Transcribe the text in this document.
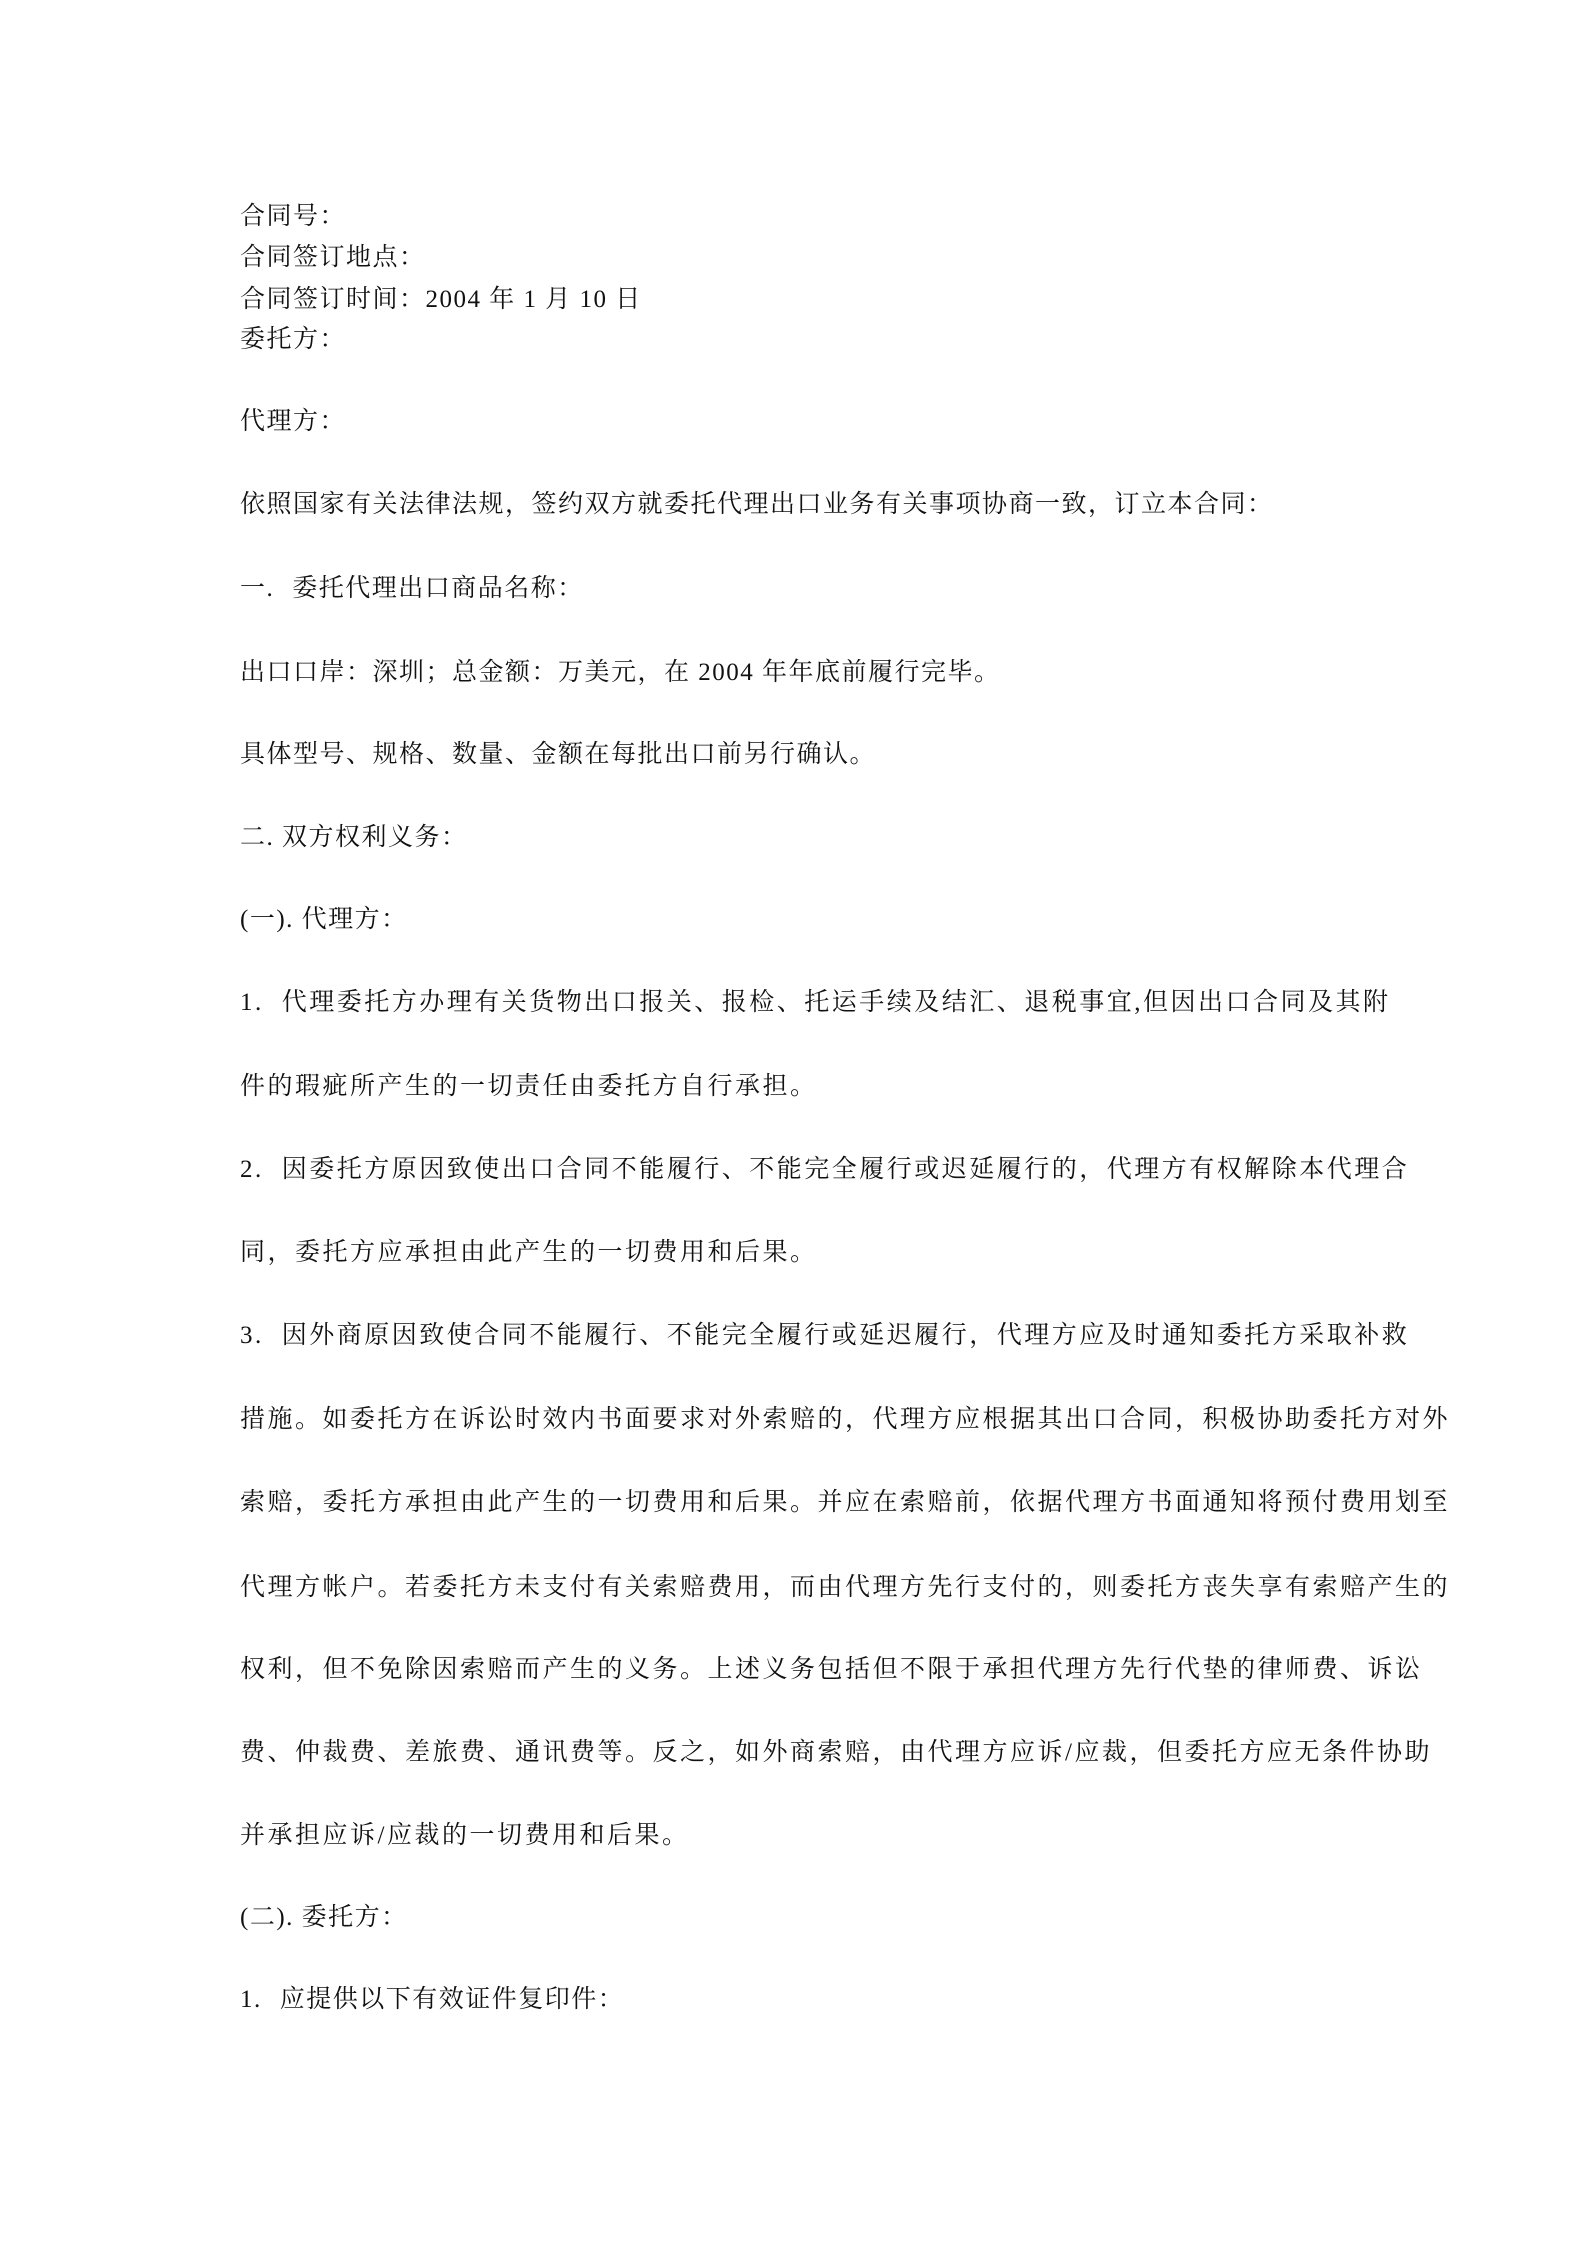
合同号：
合同签订地点：
合同签订时间：2004 年 1 月 10 日
委托方：
代理方：
依照国家有关法律法规，签约双方就委托代理出口业务有关事项协商一致，订立本合同：
一. 委托代理出口商品名称：
出口口岸：深圳；总金额：万美元，在 2004 年年底前履行完毕。
具体型号、规格、数量、金额在每批出口前另行确认。
二. 双方权利义务：
(一). 代理方：
1. 代理委托方办理有关货物出口报关、报检、托运手续及结汇、退税事宜,但因出口合同及其附
件的瑕疵所产生的一切责任由委托方自行承担。
2. 因委托方原因致使出口合同不能履行、不能完全履行或迟延履行的，代理方有权解除本代理合
同，委托方应承担由此产生的一切费用和后果。
3. 因外商原因致使合同不能履行、不能完全履行或延迟履行，代理方应及时通知委托方采取补救
措施。如委托方在诉讼时效内书面要求对外索赔的，代理方应根据其出口合同，积极协助委托方对外
索赔，委托方承担由此产生的一切费用和后果。并应在索赔前，依据代理方书面通知将预付费用划至
代理方帐户。若委托方未支付有关索赔费用，而由代理方先行支付的，则委托方丧失享有索赔产生的
权利，但不免除因索赔而产生的义务。上述义务包括但不限于承担代理方先行代垫的律师费、诉讼
费、仲裁费、差旅费、通讯费等。反之，如外商索赔，由代理方应诉/应裁，但委托方应无条件协助
并承担应诉/应裁的一切费用和后果。
(二). 委托方：
1. 应提供以下有效证件复印件：
